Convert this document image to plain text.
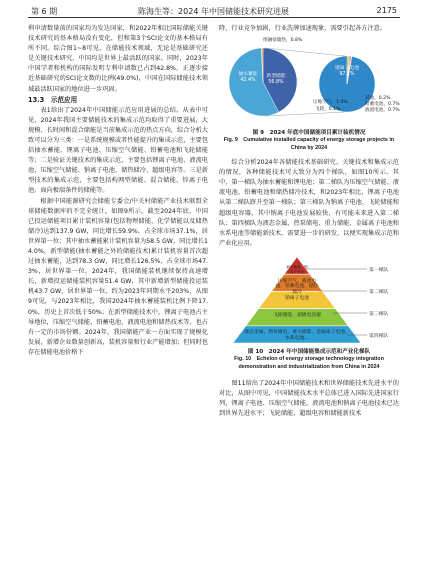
第 6 期	陈海生等：2024 年中国储能技术研究进展	2175

利申请数量前的国家均为发达国家，和2022年相比国际储能关键技术研究的基本格局没有变化，但和第3个SCI论文的基本格局有所不同。综合图1~8可见，在储能技术领域，无论是基础研究还是关键技术研究，中国均是世界上最活跃的国家。同时，2023年中国学者和机构的国际发明专利申请数已占到42.8%，正逐步接近基础研究的SCI论文数的比例(49.0%)，中国在国际储能技术领域最活跃国家的地位进一步巩固。

13.3　示范应用

表1给出了2024年中国储能示范应用进展的总结。从表中可见，2024年我国主要储能技术的集成示范均取得了重要进展，大规模、长时间和混合储能是当前集成示范的热点方向，综合分析大致可以分为三类：一是系统规模或者性能提升的集成示范，主要包括抽水蓄能、锂离子电池、压缩空气储能、铅蓄电池和飞轮储能等；二是验证关键技术的集成示范，主要包括锂离子电池、液流电池、压缩空气储能、钠离子电池、储热储冷、超级电容等。三是新型技术的集成示范，主要包括构网型储能、混合储能、锌离子电池、面向极端条件的储能等。

根据中国能源研究会储能专委会/中关村储能产业技术联盟全球储能数据库的不完全统计，如图9所示，截至2024年底，中国已投运储能项目累计装机容量(包括物理储能、化学储能以及储热储冷)达到137.9 GW，同比增长59.9%，占全球市场37.1%，居世界第一位；其中抽水蓄能累计装机容量为58.5 GW，同比增长14.0%，新型储能(抽水蓄能之外的储能技术)累计装机容量首次超过抽水蓄能，达到78.3 GW，同比增长126.5%，占全球市场47.3%，居世界第一位。2024年，我国储能装机继续保持高速增长，新增投运储能装机容量51.4 GW，其中新增新型储能投运装机43.7 GW，居世界第一位，约为2023年同期水平203%，从图9可见，与2023年相比，我国2024年抽水蓄能装机比例下降17.0%，历史上首次低于50%；在新型储能技术中，锂离子电池占主导地位，压缩空气储能、铅蓄电池、液流电池和储热技术等，也占有一定的市场份额。2024年，我国储能产业一方面实现了规模化发展，新增企业数量创新高，装机容量和行业产能增加；但同时也存在储能电池价格下

降，行业竞争加剧，行业洗牌加速现象，需要引起各方注意。

熔融盐储热，0.8%
抽水蓄能
42.4%
新型储能
56.8%
锂离子电池
97.1%
压缩空气，1.0%
飞轮，0.1%
其他，0.2%
铅蓄电池，0.7%
液流电池，0.7%

图 9　2024 年底中国储能项目累计装机情况

Fig. 9　Cumulative installed capacity of energy storage projects in China by 2024

综合分析2024年各储能技术基础研究、关键技术和集成示范的情况，各种储能技术可大致分为四个梯队，如图10所示。其中，第一梯队为抽水蓄能和锂电池；第二梯队为压缩空气储能、液流电池、铅蓄电池和储热储冷技术，和2023年相比，锂离子电池从第二梯队跻升至第一梯队；第三梯队为钠离子电池、飞轮储能和超级电容器，其中钠离子电池发展较快，有可能未来进入第二梯队；第四梯队为液态金属、热泵储电、重力储能、金属离子电池和水系电池等储能新技术，需要进一步的研发，以便实现集成示范和产业化应用。

抽水蓄能、锂离子电池
压缩空气、液流电池、铅蓄电池、储热储冷
钠离子电池
飞轮储能、超级电容器
液态金属、热泵储电、重力储能、金属离子电池、水系电池…
第一梯队
第二梯队
第三梯队
第四梯队

图 10　2024 年中国储能集成示范和产业化梯队

Fig. 10　Echelon of energy storage technology integration demonstration and industrialization from China in 2024

图11给出了2024年中国储能技术和世界储能技术先进水平的对比，从图中可见，中国储能技术水平总体已进入国际先进国家行列，锂离子电池、压缩空气储能、液流电池和钠离子电池技术已达到世界先进水平；飞轮储能、超级电容和储能新技术
